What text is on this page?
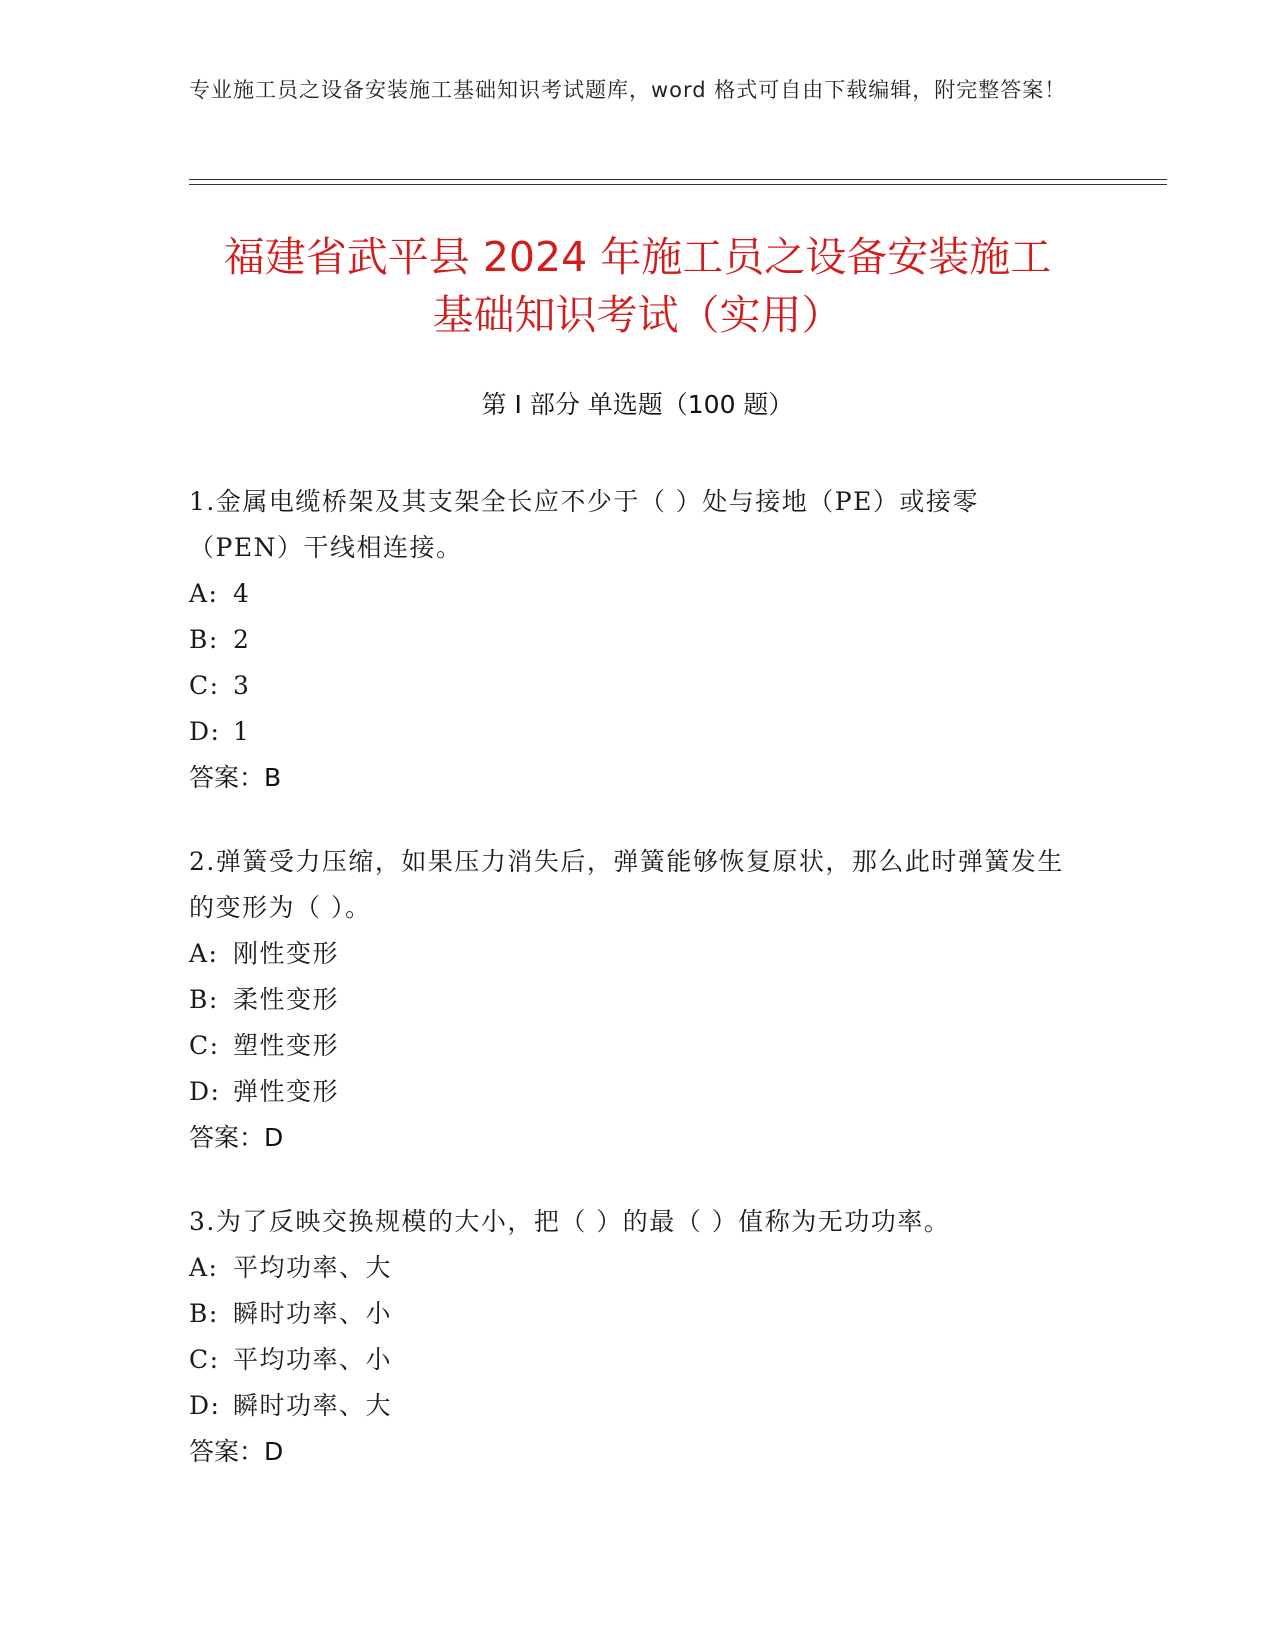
专业施工员之设备安装施工基础知识考试题库，word 格式可自由下载编辑，附完整答案！
福建省武平县 2024 年施工员之设备安装施工
基础知识考试（实用）
第 I 部分 单选题（100 题）

1.金属电缆桥架及其支架全长应不少于（ ）处与接地（PE）或接零（PEN）干线相连接。

A: 4

B: 2

C: 3

D: 1

答案：B

2.弹簧受力压缩，如果压力消失后，弹簧能够恢复原状，那么此时弹簧发生的变形为（ ）。

A: 刚性变形

B: 柔性变形

C: 塑性变形

D: 弹性变形

答案：D

3.为了反映交换规模的大小，把（ ）的最（ ）值称为无功功率。

A: 平均功率、大

B: 瞬时功率、小

C: 平均功率、小

D: 瞬时功率、大

答案：D
